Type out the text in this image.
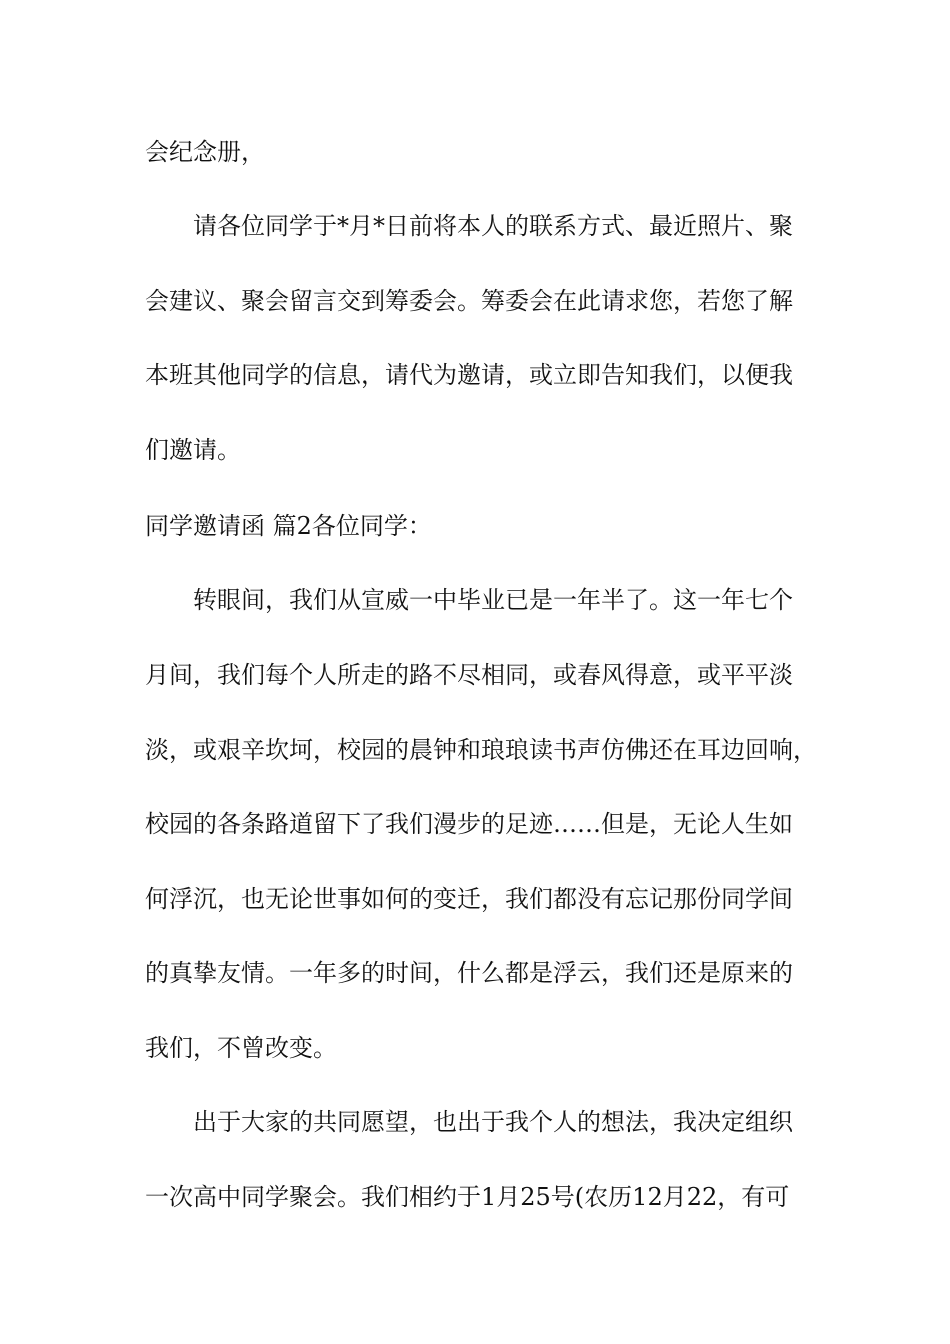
会纪念册，
请各位同学于*月*日前将本人的联系方式、最近照片、聚
会建议、聚会留言交到筹委会。筹委会在此请求您，若您了解
本班其他同学的信息，请代为邀请，或立即告知我们，以便我
们邀请。
同学邀请函 篇2各位同学：
转眼间，我们从宣威一中毕业已是一年半了。这一年七个
月间，我们每个人所走的路不尽相同，或春风得意，或平平淡
淡，或艰辛坎坷，校园的晨钟和琅琅读书声仿佛还在耳边回响，
校园的各条路道留下了我们漫步的足迹……但是，无论人生如
何浮沉，也无论世事如何的变迁，我们都没有忘记那份同学间
的真挚友情。一年多的时间，什么都是浮云，我们还是原来的
我们，不曾改变。
出于大家的共同愿望，也出于我个人的想法，我决定组织
一次高中同学聚会。我们相约于1月25号(农历12月22，有可
